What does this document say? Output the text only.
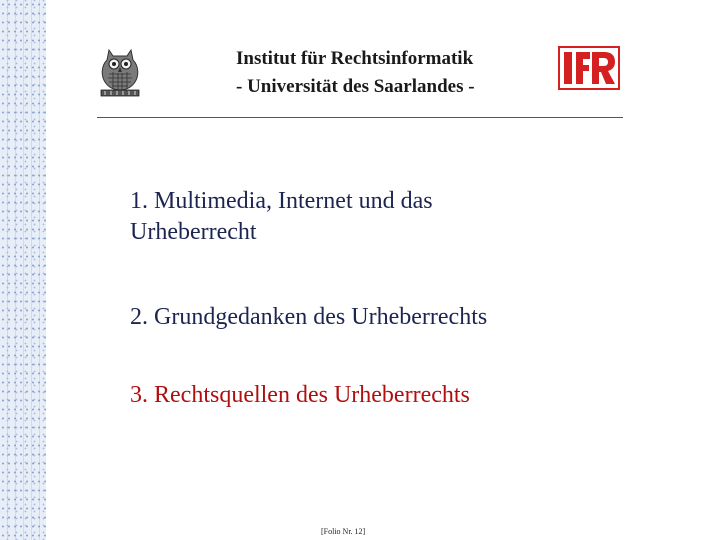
Institut für Rechtsinformatik
- Universität des Saarlandes -
1. Multimedia, Internet und das
Urheberrecht
2. Grundgedanken des Urheberrechts
3. Rechtsquellen des Urheberrechts
[Folio Nr. 12]
